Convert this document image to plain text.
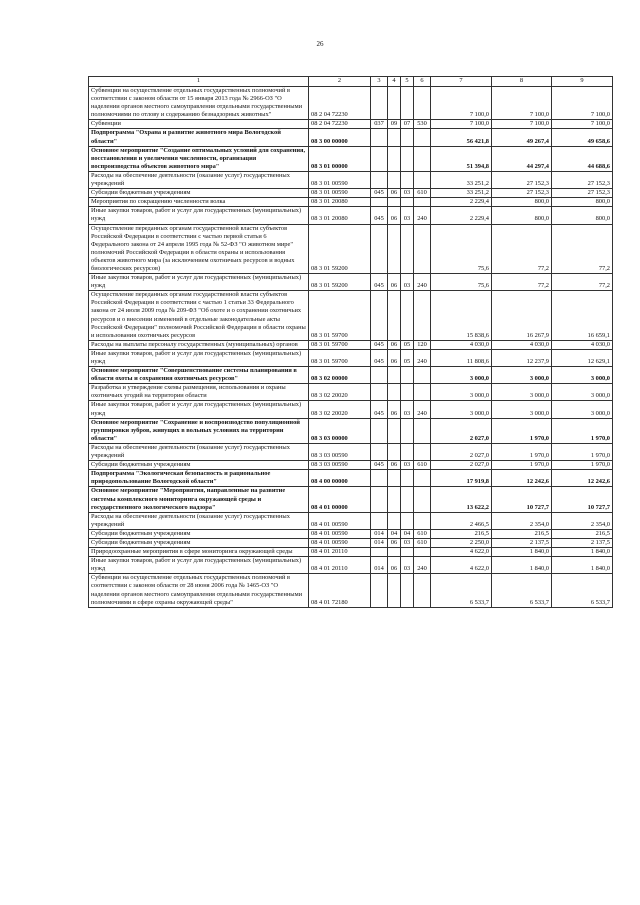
26
1	2	3	4	5	6	7	8	9
Субвенции на осуществление отдельных государственных полномочий в соответствии с законом области от 15 января 2013 года № 2966-ОЗ "О наделении органов местного самоуправления отдельными государственными полномочиями по отлову и содержанию безнадзорных животных"	08 2 04 72230					7 100,0	7 100,0	7 100,0
Субвенции	08 2 04 72230	037	09	07	530	7 100,0	7 100,0	7 100,0
Подпрограмма "Охрана и развитие животного мира Вологодской области"	08 3 00 00000					56 421,8	49 267,4	49 658,6
Основное мероприятие "Создание оптимальных условий для сохранения, восстановления и увеличения численности, организация воспроизводства объектов животного мира"	08 3 01 00000					51 394,8	44 297,4	44 688,6
Расходы на обеспечение деятельности (оказание услуг) государственных учреждений	08 3 01 00590					33 251,2	27 152,3	27 152,3
Субсидии бюджетным учреждениям	08 3 01 00590	045	06	03	610	33 251,2	27 152,3	27 152,3
Мероприятия по сокращению численности волка	08 3 01 20080					2 229,4	800,0	800,0
Иные закупки товаров, работ и услуг для государственных (муниципальных) нужд	08 3 01 20080	045	06	03	240	2 229,4	800,0	800,0
Осуществление переданных органам государственной власти субъектов Российской Федерации в соответствии с частью первой статьи 6 Федерального закона от 24 апреля 1995 года № 52-ФЗ "О животном мире" полномочий Российской Федерации в области охраны и использования объектов животного мира (за исключением охотничьих ресурсов и водных биологических ресурсов)	08 3 01 59200					75,6	77,2	77,2
Иные закупки товаров, работ и услуг для государственных (муниципальных) нужд	08 3 01 59200	045	06	03	240	75,6	77,2	77,2
Осуществление переданных органам государственной власти субъектов Российской Федерации в соответствии с частью 1 статьи 33 Федерального закона от 24 июля 2009 года № 209-ФЗ "Об охоте и о сохранении охотничьих ресурсов и о внесении изменений в отдельные законодательные акты Российской Федерации" полномочий Российской Федерации в области охраны и использования охотничьих ресурсов	08 3 01 59700					15 838,6	16 267,9	16 659,1
Расходы на выплаты персоналу государственных (муниципальных) органов	08 3 01 59700	045	06	05	120	4 030,0	4 030,0	4 030,0
Иные закупки товаров, работ и услуг для государственных (муниципальных) нужд	08 3 01 59700	045	06	05	240	11 808,6	12 237,9	12 629,1
Основное мероприятие "Совершенствование системы планирования в области охоты и сохранения охотничьих ресурсов"	08 3 02 00000					3 000,0	3 000,0	3 000,0
Разработка и утверждение схемы размещения, использования и охраны охотничьих угодий на территории области	08 3 02 20020					3 000,0	3 000,0	3 000,0
Иные закупки товаров, работ и услуг для государственных (муниципальных) нужд	08 3 02 20020	045	06	03	240	3 000,0	3 000,0	3 000,0
Основное мероприятие "Сохранение и воспроизводство популяционной группировки зубров, живущих в вольных условиях на территории области"	08 3 03 00000					2 027,0	1 970,0	1 970,0
Расходы на обеспечение деятельности (оказание услуг) государственных учреждений	08 3 03 00590					2 027,0	1 970,0	1 970,0
Субсидии бюджетным учреждениям	08 3 03 00590	045	06	03	610	2 027,0	1 970,0	1 970,0
Подпрограмма "Экологическая безопасность и рациональное природопользование Вологодской области"	08 4 00 00000					17 919,8	12 242,6	12 242,6
Основное мероприятие "Мероприятия, направленные на развитие системы комплексного мониторинга окружающей среды и государственного экологического надзора"	08 4 01 00000					13 622,2	10 727,7	10 727,7
Расходы на обеспечение деятельности (оказание услуг) государственных учреждений	08 4 01 00590					2 466,5	2 354,0	2 354,0
Субсидии бюджетным учреждениям	08 4 01 00590	014	04	04	610	216,5	216,5	216,5
Субсидии бюджетным учреждениям	08 4 01 00590	014	06	03	610	2 250,0	2 137,5	2 137,5
Природоохранные мероприятия в сфере мониторинга окружающей среды	08 4 01 20110					4 622,0	1 840,0	1 840,0
Иные закупки товаров, работ и услуг для государственных (муниципальных) нужд	08 4 01 20110	014	06	03	240	4 622,0	1 840,0	1 840,0
Субвенции на осуществление отдельных государственных полномочий в соответствии с законом области от 28 июня 2006 года № 1465-ОЗ "О наделении органов местного самоуправления отдельными государственными полномочиями в сфере охраны окружающей среды"	08 4 01 72180					6 533,7	6 533,7	6 533,7
